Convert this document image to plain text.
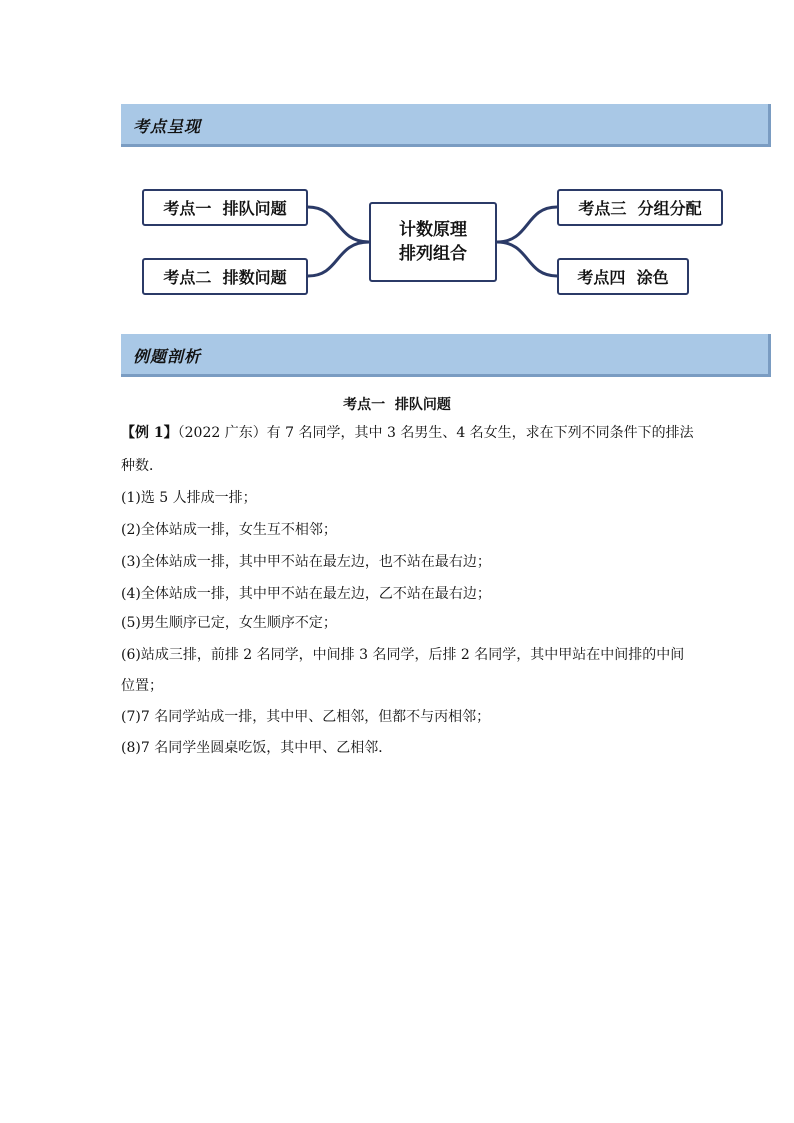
考点呈现
考点一  排队问题
考点二  排数问题
计数原理
排列组合
考点三  分组分配
考点四  涂色
例题剖析
考点一  排队问题
【例 1】（2022 广东）有 7 名同学，其中 3 名男生、4 名女生，求在下列不同条件下的排法
种数．
(1)选 5 人排成一排；
(2)全体站成一排，女生互不相邻；
(3)全体站成一排，其中甲不站在最左边，也不站在最右边；
(4)全体站成一排，其中甲不站在最左边，乙不站在最右边；
(5)男生顺序已定，女生顺序不定；
(6)站成三排，前排 2 名同学，中间排 3 名同学，后排 2 名同学，其中甲站在中间排的中间
位置；
(7)7 名同学站成一排，其中甲、乙相邻，但都不与丙相邻；
(8)7 名同学坐圆桌吃饭，其中甲、乙相邻．
